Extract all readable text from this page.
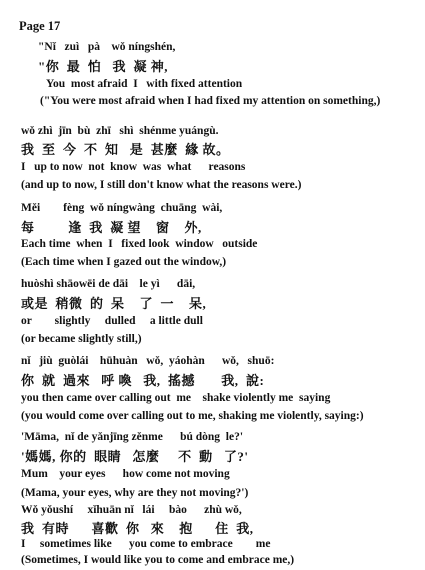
Page 17
"Nǐ   zuì   pà    wǒ níngshén,
"你  最  怕   我  凝 神,
You  most afraid  I   with fixed attention
("You were most afraid when I had fixed my attention on something,)
wǒ zhì  jīn  bù  zhī   shì  shénme yuángù.
我  至  今  不  知   是  甚麼  緣 故。
I   up to now  not  know  was  what      reasons
(and up to now, I still don't know what the reasons were.)
Měi        fèng  wǒ níngwàng  chuāng  wài,
每         逢  我  凝 望    窗    外,
Each time  when  I   fixed look  window   outside
(Each time when I gazed out the window,)
huòshì shāowēi de dāi    le yì      dāi,
或是  稍微  的  呆    了  一    呆,
or        slightly     dulled     a little dull
(or became slightly still,)
nǐ   jiù  guòlái    hūhuàn   wǒ,  yáohàn      wǒ,   shuō:
你  就  過來   呼 喚   我,  搖撼       我,  說:
you then came over calling out  me    shake violently me  saying
(you would come over calling out to me, shaking me violently, saying:)
'Māma,  nǐ de yǎnjīng zěnme      bú dòng  le?'
'媽媽, 你的  眼睛   怎麼     不  動   了?'
Mum    your eyes      how come not moving
(Mama, your eyes, why are they not moving?')
Wǒ yǒushí     xǐhuān nǐ   lái     bào      zhù wǒ,
我  有時      喜歡  你   來    抱      住  我,
I     sometimes like      you come to embrace        me
(Sometimes, I would like you to come and embrace me,)
